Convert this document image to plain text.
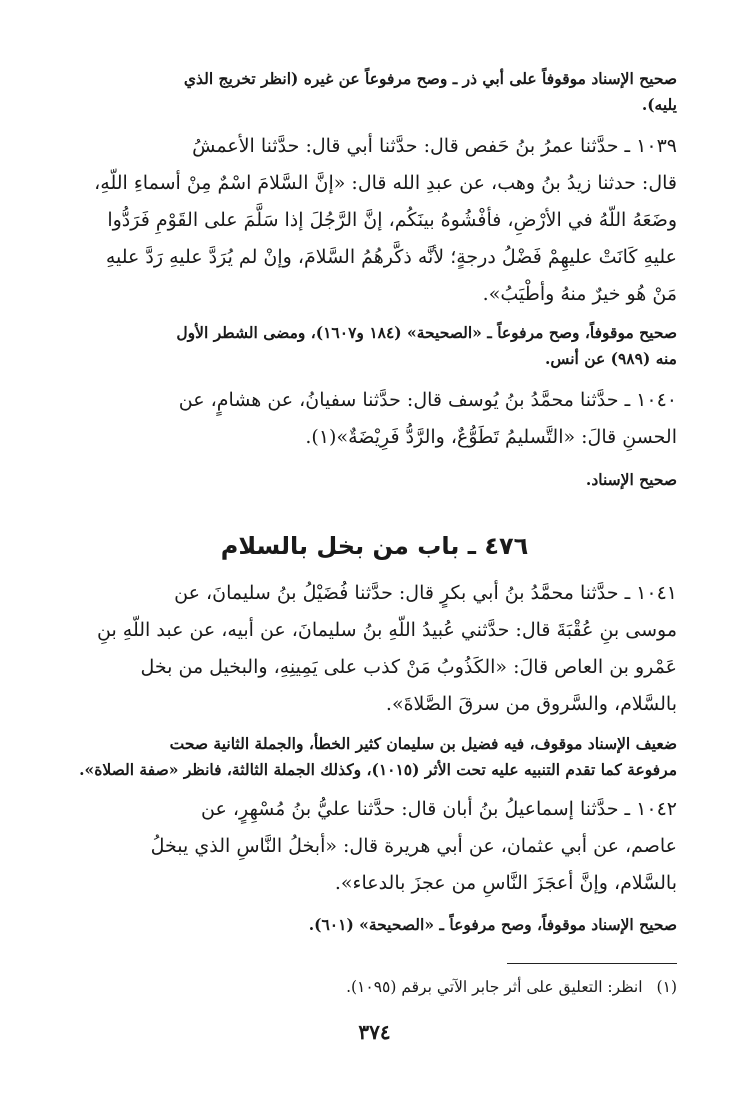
صحيح الإسناد موقوفاً على أبي ذر ـ وصح مرفوعاً عن غيره (انظر تخريج الذي
يليه).
١٠٣٩ ـ حدَّثنا عمرُ بنُ حَفص قال: حدَّثنا أبي قال: حدَّثنا الأعمشُ
قال: حدثنا زيدُ بنُ وهب، عن عبدِ الله قال: «إنَّ السَّلامَ اسْمٌ مِنْ أسماءِ اللّهِ،
وضَعَهُ اللّهُ في الأرْضِ، فأفْشُوهُ بينَكُم، إنَّ الرَّجُلَ إذا سَلَّمَ على القَوْمِ فَرَدُّوا
عليهِ كَانَتْ عليهِمْ فَضْلُ درجةٍ؛ لأنَّه ذكَّرهُمُ السَّلامَ، وإنْ لم يُرَدَّ عليهِ رَدَّ عليهِ
مَنْ هُو خيرٌ منهُ وأطْيَبُ».
صحيح موقوفاً، وصح مرفوعاً ـ «الصحيحة» (١٨٤ و١٦٠٧)، ومضى الشطر الأول
منه (٩٨٩) عن أنس.
١٠٤٠ ـ حدَّثنا محمَّدُ بنُ يُوسف قال: حدَّثنا سفيانُ، عن هشامٍ، عن
الحسنِ قالَ: «التَّسليمُ تَطَوُّعٌ، والرَّدُّ فَرِيْضَةٌ»(١).
صحيح الإسناد.
٤٧٦ ـ باب من بخل بالسلام
١٠٤١ ـ حدَّثنا محمَّدُ بنُ أبي بكرٍ قال: حدَّثنا فُضَيْلُ بنُ سليمانَ، عن
موسى بنِ عُقْبَةَ قال: حدَّثني عُبيدُ اللّهِ بنُ سليمانَ، عن أبيه، عن عبد اللّهِ بنِ
عَمْرو بن العاص قالَ: «الكَذُوبُ مَنْ كذب على يَمِينِهِ، والبخيل من بخل
بالسَّلام، والسَّروق من سرقَ الصَّلاةَ».
ضعيف الإسناد موقوف، فيه فضيل بن سليمان كثير الخطأ، والجملة الثانية صحت
مرفوعة كما تقدم التنبيه عليه تحت الأثر (١٠١٥)، وكذلك الجملة الثالثة، فانظر «صفة الصلاة».
١٠٤٢ ـ حدَّثنا إسماعيلُ بنُ أبان قال: حدَّثنا عليُّ بنُ مُسْهِرٍ، عن
عاصم، عن أبي عثمان، عن أبي هريرة قال: «أبخلُ النَّاسِ الذي يبخلُ
بالسَّلام، وإنَّ أعجَزَ النَّاسِ من عجزَ بالدعاء».
صحيح الإسناد موقوفاً، وصح مرفوعاً ـ «الصحيحة» (٦٠١).
(١)انظر: التعليق على أثر جابر الآتي برقم (١٠٩٥).
٣٧٤
